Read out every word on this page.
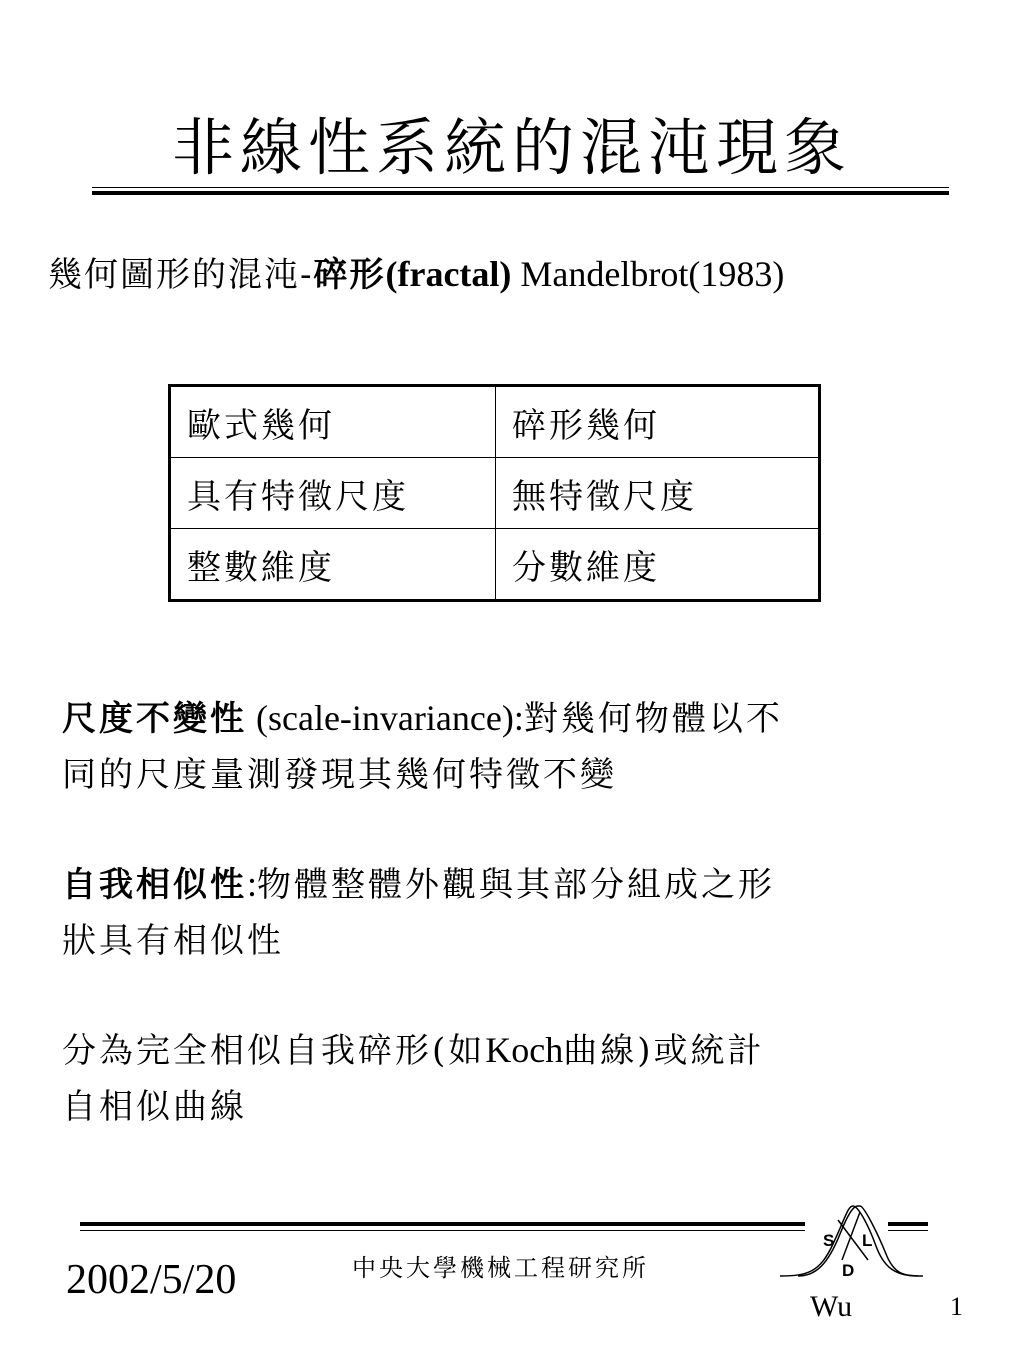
非線性系統的混沌現象
幾何圖形的混沌-碎形(fractal) Mandelbrot(1983)
歐式幾何	碎形幾何
具有特徵尺度	無特徵尺度
整數維度	分數維度
尺度不變性 (scale-invariance):對幾何物體以不
同的尺度量測發現其幾何特徵不變
自我相似性:物體整體外觀與其部分組成之形
狀具有相似性
分為完全相似自我碎形(如Koch曲線)或統計
自相似曲線
2002/5/20	中央大學機械工程研究所
S L
D
Wu	1
